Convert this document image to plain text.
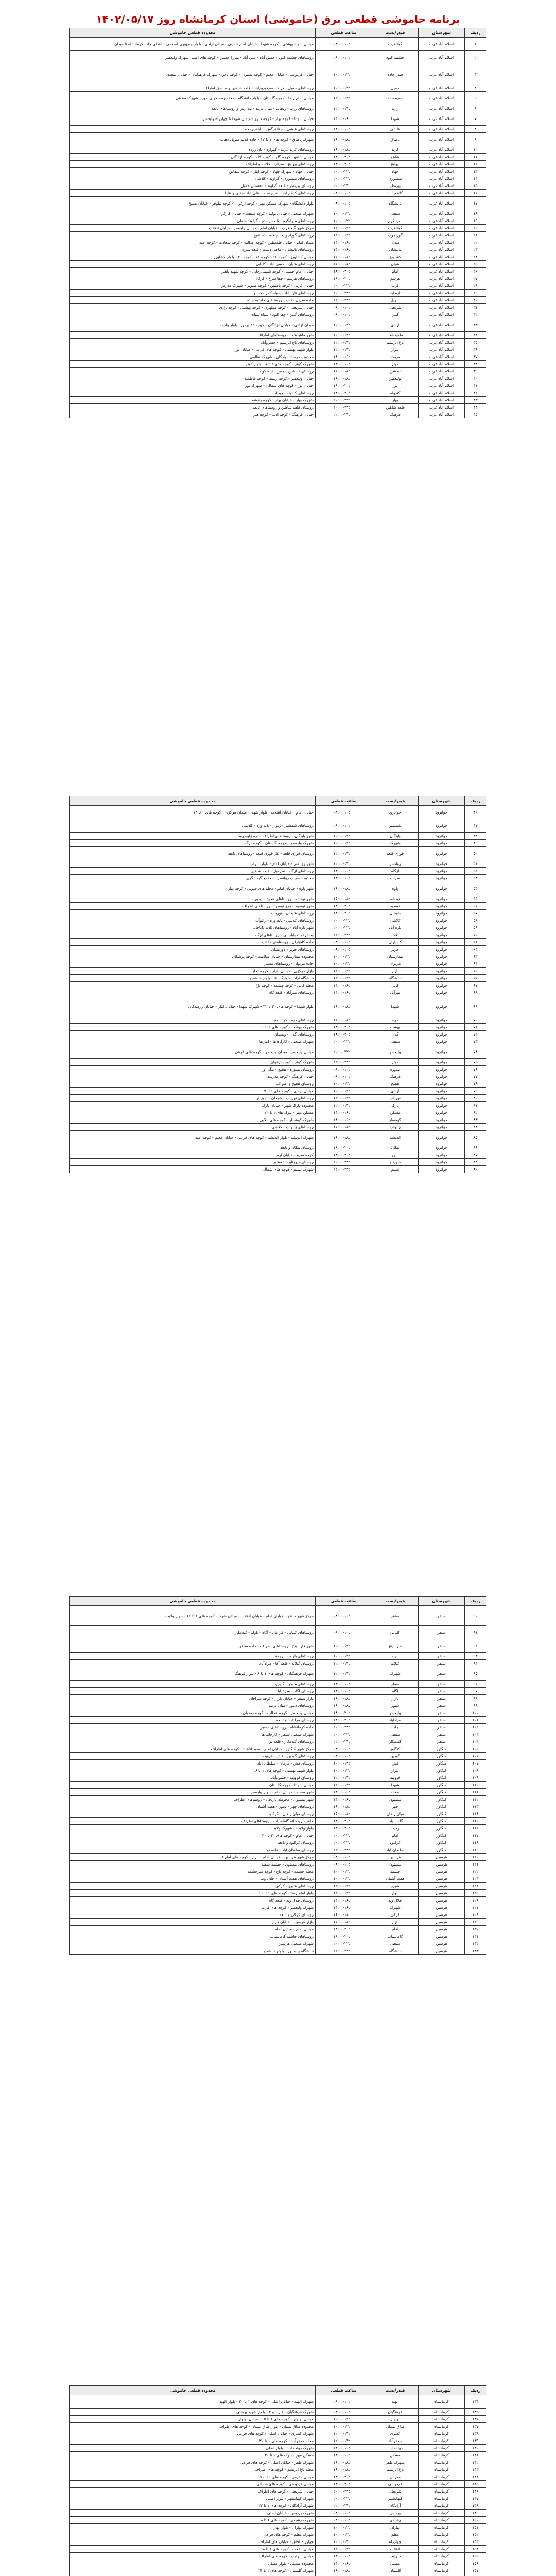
برنامه خاموشی قطعی برق (خاموشی) استان کرمانشاه روز ۱۴۰۲/۰۵/۱۷
ردیف	شهرستان	فیدر/پست	ساعت قطعی	محدوده قطعی خاموشی
۱	اسلام آباد غرب	گیلانغرب	۰۸:۰۰-۱۰:۰۰	خیابان شهید بهشتی - کوچه شهدا - خیابان امام خمینی - میدان آزادی - بلوار جمهوری اسلامی - ابتدای جاده کرمانشاه تا میدان
۲	اسلام آباد غرب	چشمه کبود	۰۸:۰۰-۱۰:۰۰	روستاهای چشمه کبود - حسن آباد - علی آباد - میرزا حسین - کوچه های اصلی شهرک ولیعصر
۳	اسلام آباد غرب	فیدر جاده	۱۰:۰۰-۱۲:۰۰	خیابان فردوسی - خیابان معلم - کوچه نسترن - کوچه یاس - شهرک فرهنگیان - خیابان سعدی
۴	اسلام آباد غرب	حمیل	۱۰:۰۰-۱۲:۰۰	روستاهای حمیل - کرند - سرفیروزآباد - قلعه شاهین و مناطق اطراف
۵	اسلام آباد غرب	سرمست	۱۲:۰۰-۱۴:۰۰	خیابان امام رضا - کوچه گلستان - بلوار دانشگاه - مجتمع مسکونی مهر - شهرک صنعتی
۶	اسلام آباد غرب	زرنه	۱۲:۰۰-۱۴:۰۰	روستاهای زرنه - ریجاب - میان دربند - تپه رش و روستاهای تابعه
۷	اسلام آباد غرب	شهدا	۱۴:۰۰-۱۶:۰۰	خیابان شهدا - کوچه بهار - کوچه سرو - میدان شهدا تا چهارراه ولیعصر
۸	اسلام آباد غرب	هلشی	۱۴:۰۰-۱۶:۰۰	روستاهای هلشی - چقا نرگس - باباشیرمحمد
۹	اسلام آباد غرب	پاطاق	۱۶:۰۰-۱۸:۰۰	شهرک پاطاق - کوچه های ۱ تا ۱۲ - جاده قدیم سرپل ذهاب
۱۰	اسلام آباد غرب	کرند	۱۶:۰۰-۱۸:۰۰	روستاهای کرند غرب - گهواره - بان زرده
۱۱	اسلام آباد غرب	شاهو	۱۸:۰۰-۲۰:۰۰	خیابان شاهو - کوچه گلها - کوچه لاله - کوچه آزادگان
۱۲	اسلام آباد غرب	بیونیج	۱۸:۰۰-۲۰:۰۰	روستاهای بیونیج - سراب - قلاجه و اطراف
۱۳	اسلام آباد غرب	جهاد	۲۰:۰۰-۲۲:۰۰	خیابان جهاد - شهرک جهاد - کوچه ایثار - کوچه شقایق
۱۴	اسلام آباد غرب	منصوری	۲۰:۰۰-۲۲:۰۰	روستاهای منصوری - گراوند - کلاشی
۱۵	اسلام آباد غرب	پیرنظر	۲۲:۰۰-۲۴:۰۰	روستای پیرنظر - قلعه گراوند - دهستان حمیل
۱۶	اسلام آباد غرب	کاظم آباد	۰۸:۰۰-۱۰:۰۰	روستاهای کاظم آباد - شیخ صله - علی آباد سفلی و علیا
۱۷	اسلام آباد غرب	دانشگاه	۰۸:۰۰-۱۰:۰۰	بلوار دانشگاه - شهرک مسکن مهر - کوچه ارغوان - کوچه نیلوفر - خیابان بسیج
۱۸	اسلام آباد غرب	صنعتی	۱۰:۰۰-۱۲:۰۰	شهرک صنعتی - خیابان تولید - کوچه صنعت - خیابان کارگر
۱۹	اسلام آباد غرب	سرابگرم	۱۰:۰۰-۱۲:۰۰	روستاهای سرابگرم - قلعه رستم - گراوند سفلی
۲۰	اسلام آباد غرب	گیلانغرب	۱۲:۰۰-۱۴:۰۰	مرکز شهر گیلانغرب - خیابان امام - خیابان ولیعصر - خیابان انقلاب
۲۱	اسلام آباد غرب	گوراجوب	۱۲:۰۰-۱۴:۰۰	روستاهای گوراجوب - چالابه - ده شیخ
۲۲	اسلام آباد غرب	میدان	۱۴:۰۰-۱۶:۰۰	میدان امام - خیابان فلسطین - کوچه عدالت - کوچه سعادت - کوچه امید
۲۳	اسلام آباد غرب	بانیشان	۱۴:۰۰-۱۶:۰۰	روستاهای بانیشان - ماهی دشت - قلعه سرخ
۲۴	اسلام آباد غرب	کشاورز	۱۶:۰۰-۱۸:۰۰	خیابان کشاورز - کوچه ۱۶ - کوچه ۱۸ - کوچه ۲۰ - بلوار کشاورز
۲۵	اسلام آباد غرب	شیان	۱۶:۰۰-۱۸:۰۰	روستاهای شیان - حسن آباد - کلیایی
۲۶	اسلام آباد غرب	امام	۱۸:۰۰-۲۰:۰۰	خیابان امام خمینی - کوچه شهید رجایی - کوچه شهید باهنر
۲۷	اسلام آباد غرب	هرسم	۱۸:۰۰-۲۰:۰۰	روستاهای هرسم - چقا سرخ - کرکان
۲۸	اسلام آباد غرب	غرب	۲۰:۰۰-۲۲:۰۰	خیابان غربی - کوچه یاسمن - کوچه صنوبر - شهرک مدرس
۲۹	اسلام آباد غرب	تازه آباد	۲۰:۰۰-۲۲:۰۰	روستاهای تازه آباد - سیاه کمر - ده نو
۳۰	اسلام آباد غرب	سرپل	۲۲:۰۰-۲۴:۰۰	جاده سرپل ذهاب - روستاهای حاشیه جاده
۳۱	اسلام آباد غرب	شریعتی	۰۸:۰۰-۱۰:۰۰	خیابان شریعتی - کوچه مطهری - کوچه بهشتی - کوچه رازی
۳۲	اسلام آباد غرب	گلین	۰۸:۰۰-۱۰:۰۰	روستاهای گلین - چقا کبود - سیاه سیاه
۳۳	اسلام آباد غرب	آزادی	۱۰:۰۰-۱۲:۰۰	میدان آزادی - خیابان آزادگان - کوچه ۲۲ بهمن - بلوار ولایت
۳۴	اسلام آباد غرب	ماهیدشت	۱۰:۰۰-۱۲:۰۰	شهر ماهیدشت - روستاهای اطراف
۳۵	اسلام آباد غرب	باغ ابریشم	۱۲:۰۰-۱۴:۰۰	روستاهای باغ ابریشم - خسروآباد
۳۶	اسلام آباد غرب	بلوار	۱۲:۰۰-۱۴:۰۰	بلوار شهید بهشتی - کوچه های فرعی - خیابان نور
۳۷	اسلام آباد غرب	مرصاد	۱۴:۰۰-۱۶:۰۰	محدوده مرصاد - پادگان - شهرک نظامی
۳۸	اسلام آباد غرب	کوثر	۱۴:۰۰-۱۶:۰۰	شهرک کوثر - کوچه های ۱ تا ۸ - بلوار کوثر
۳۹	اسلام آباد غرب	ده شیخ	۱۶:۰۰-۱۸:۰۰	روستای ده شیخ - چمن - تیله کوه
۴۰	اسلام آباد غرب	ولیعصر	۱۶:۰۰-۱۸:۰۰	خیابان ولیعصر - کوچه زینبیه - کوچه فاطمیه
۴۱	اسلام آباد غرب	نور	۱۸:۰۰-۲۰:۰۰	خیابان نور - کوچه های شمالی - شهرک نور
۴۲	اسلام آباد غرب	کندوله	۱۸:۰۰-۲۰:۰۰	روستاهای کندوله - ریجاب
۴۳	اسلام آباد غرب	بهار	۲۰:۰۰-۲۲:۰۰	شهرک بهار - خیابان بهار - کوچه بنفشه
۴۴	اسلام آباد غرب	قلعه شاهین	۲۰:۰۰-۲۲:۰۰	روستای قلعه شاهین و روستاهای تابعه
۴۵	اسلام آباد غرب	فرهنگ	۲۲:۰۰-۲۴:۰۰	خیابان فرهنگ - کوچه ادب - کوچه هنر
ردیف	شهرستان	فیدر/پست	ساعت قطعی	محدوده قطعی خاموشی
۴۶	جوانرود	جوانرود	۰۸:۰۰-۱۰:۰۰	خیابان امام - خیابان انقلاب - بلوار شهدا - میدان مرکزی - کوچه های ۱ تا ۱۴
۴۷	جوانرود	شمشیر	۰۸:۰۰-۱۰:۰۰	روستاهای شمشیر - ژیوار - بانه وره - کلاشی
۴۸	جوانرود	باینگان	۱۰:۰۰-۱۲:۰۰	شهر باینگان - روستاهای اطراف - دره ژاوه رود
۴۹	جوانرود	شهرک	۱۰:۰۰-۱۲:۰۰	شهرک ولیعصر - کوچه گلستان - کوچه نرگس
۵۰	جوانرود	قوری قلعه	۱۲:۰۰-۱۴:۰۰	روستای قوری قلعه - غار قوری قلعه - روستاهای تابعه
۵۱	جوانرود	روانسر	۱۲:۰۰-۱۴:۰۰	شهر روانسر - خیابان امام - بلوار سراب
۵۲	جوانرود	ازگله	۱۴:۰۰-۱۶:۰۰	روستاهای ازگله - سرمیل - قلعه شاهین
۵۳	جوانرود	سراب	۱۴:۰۰-۱۶:۰۰	محدوده سراب روانسر - مجتمع گردشگری
۵۴	جوانرود	پاوه	۱۶:۰۰-۱۸:۰۰	شهر پاوه - خیابان امام - محله های جنوبی - کوچه بهار
۵۵	جوانرود	نودشه	۱۶:۰۰-۱۸:۰۰	شهر نودشه - روستاهای هجیج - بیدوره
۵۶	جوانرود	نوسود	۱۸:۰۰-۲۰:۰۰	شهر نوسود - مرز نوسود - روستاهای اطراف
۵۷	جوانرود	شیخان	۱۸:۰۰-۲۰:۰۰	روستاهای شیخان - نوریاب
۵۸	جوانرود	کلاشی	۲۰:۰۰-۲۲:۰۰	روستاهای کلاشی - بانه وره - زالوآب
۵۹	جوانرود	تازه آباد	۲۰:۰۰-۲۲:۰۰	شهر تازه آباد - روستاهای ثلاث باباجانی
۶۰	جوانرود	ثلاث	۲۲:۰۰-۲۴:۰۰	بخش ثلاث باباجانی - روستاهای ازگله
۶۱	جوانرود	کامیاران	۰۸:۰۰-۱۰:۰۰	جاده کامیاران - روستاهای حاشیه
۶۲	جوانرود	حریر	۰۸:۰۰-۱۰:۰۰	روستاهای حریر - دوریسان
۶۳	جوانرود	بیمارستان	۱۰:۰۰-۱۲:۰۰	محدوده بیمارستان - خیابان سلامت - کوچه پزشکان
۶۴	جوانرود	مریوان	۱۰:۰۰-۱۲:۰۰	جاده مریوان - روستاهای مسیر
۶۵	جوانرود	بازار	۱۲:۰۰-۱۴:۰۰	بازار مرکزی - خیابان بازار - کوچه تجار
۶۶	جوانرود	دانشگاه	۱۲:۰۰-۱۴:۰۰	دانشگاه آزاد - خوابگاه ها - بلوار دانشجو
۶۷	جوانرود	کانی	۱۴:۰۰-۱۶:۰۰	محله کانی - کوچه چشمه - کوچه باغ
۶۸	جوانرود	میرآباد	۱۴:۰۰-۱۶:۰۰	روستاهای میرآباد - قلعه گاه
۶۹	جوانرود	شهدا	۱۶:۰۰-۱۸:۰۰	بلوار شهدا - کوچه های ۲۰ تا ۳۲ - شهرک شهدا - خیابان ایثار - خیابان رزمندگان
۷۰	جوانرود	دره	۱۶:۰۰-۱۸:۰۰	روستاهای دره - کوه سفید
۷۱	جوانرود	بهشت	۱۸:۰۰-۲۰:۰۰	شهرک بهشت - کوچه های ۱ تا ۶
۷۲	جوانرود	گلان	۱۸:۰۰-۲۰:۰۰	روستاهای گلان - ویسیان
۷۳	جوانرود	صنعتی	۲۰:۰۰-۲۲:۰۰	شهرک صنعتی - کارگاه ها - انبارها
۷۴	جوانرود	ولیعصر	۲۰:۰۰-۲۲:۰۰	خیابان ولیعصر - میدان ولیعصر - کوچه های فرعی
۷۵	جوانرود	کوثر	۲۲:۰۰-۲۴:۰۰	شهرک کوثر - کوچه ارغوان
۷۶	جوانرود	بیدوره	۰۸:۰۰-۱۰:۰۰	روستای بیدوره - هجیج - تنگی ور
۷۷	جوانرود	فرهنگ	۰۸:۰۰-۱۰:۰۰	خیابان فرهنگ - کوچه مدرسه
۷۸	جوانرود	هجیج	۱۰:۰۰-۱۲:۰۰	روستای هجیج و اطراف
۷۹	جوانرود	آزادی	۱۰:۰۰-۱۲:۰۰	خیابان آزادی - کوچه های ۱ تا ۹
۸۰	جوانرود	نوریاب	۱۲:۰۰-۱۴:۰۰	روستاهای نوریاب - شیخان - دیوزناو
۸۱	جوانرود	پارک	۱۲:۰۰-۱۴:۰۰	محدوده پارک شهر - خیابان پارک
۸۲	جوانرود	مسکن	۱۴:۰۰-۱۶:۰۰	مسکن مهر - بلوک های ۱ تا ۲۰
۸۳	جوانرود	کوهسار	۱۴:۰۰-۱۶:۰۰	شهرک کوهسار - کوچه های بالایی
۸۴	جوانرود	زالوآب	۱۶:۰۰-۱۸:۰۰	روستاهای زالوآب - کلاشی
۸۵	جوانرود	اندیشه	۱۶:۰۰-۱۸:۰۰	شهرک اندیشه - بلوار اندیشه - کوچه های فرعی - خیابان معلم - کوچه امید
۸۶	جوانرود	نیکان	۱۸:۰۰-۲۰:۰۰	روستای نیکان و تابعه
۸۷	جوانرود	سرو	۱۸:۰۰-۲۰:۰۰	کوچه سرو - خیابان ارم
۸۸	جوانرود	دیوزناو	۲۰:۰۰-۲۲:۰۰	روستای دیوزناو - شمشیر
۸۹	جوانرود	نسیم	۲۲:۰۰-۲۴:۰۰	شهرک نسیم - کوچه های شمالی
ردیف	شهرستان	فیدر/پست	ساعت قطعی	محدوده قطعی خاموشی
۹۰	سنقر	سنقر	۰۸:۰۰-۱۰:۰۰	مرکز شهر سنقر - خیابان امام - خیابان انقلاب - میدان شهدا - کوچه های ۱ تا ۱۲ - بلوار ولایت
۹۱	سنقر	کلیایی	۰۸:۰۰-۱۰:۰۰	روستاهای کلیایی - فرامان - آگاه - باوله - گندمکار
۹۲	سنقر	فارسینج	۱۰:۰۰-۱۲:۰۰	شهر فارسینج - روستاهای اطراف - جاده سنقر
۹۳	سنقر	باوله	۱۰:۰۰-۱۲:۰۰	روستاهای باوله - آبرومند
۹۴	سنقر	گیلانه	۱۲:۰۰-۱۴:۰۰	روستای گیلانه - قلعه آقا - مرادآباد
۹۵	سنقر	شهرک	۱۲:۰۰-۱۴:۰۰	شهرک فرهنگیان - کوچه های ۱ تا ۸ - بلوار فرهنگ
۹۶	سنقر	سطر	۱۴:۰۰-۱۶:۰۰	روستاهای سطر - گاورود
۹۷	سنقر	آگاه	۱۴:۰۰-۱۶:۰۰	روستای آگاه - سرخ آباد
۹۸	سنقر	بازار	۱۶:۰۰-۱۸:۰۰	بازار سنقر - خیابان بازار - کوچه صرافان
۹۹	سنقر	دینور	۱۶:۰۰-۱۸:۰۰	روستاهای دینور - میان دربند
۱۰۰	سنقر	ولیعصر	۱۸:۰۰-۲۰:۰۰	خیابان ولیعصر - کوچه عدالت - کوچه رضوان
۱۰۱	سنقر	مرادآباد	۱۸:۰۰-۲۰:۰۰	روستای مرادآباد و تابعه
۱۰۲	سنقر	جاده	۲۰:۰۰-۲۲:۰۰	جاده کرمانشاه - روستاهای مسیر
۱۰۳	سنقر	صنعتی	۲۰:۰۰-۲۲:۰۰	شهرک صنعتی سنقر - کارخانه ها
۱۰۴	سنقر	گندمکار	۲۲:۰۰-۲۴:۰۰	روستاهای گندمکار - قلعه نو
۱۰۵	کنگاور	کنگاور	۰۸:۰۰-۱۰:۰۰	مرکز شهر کنگاور - خیابان امام - معبد آناهیتا - کوچه های اطراف
۱۰۶	کنگاور	گودین	۰۸:۰۰-۱۰:۰۰	روستاهای گودین - فش - قزوینه
۱۰۷	کنگاور	فش	۱۰:۰۰-۱۲:۰۰	روستای فش - کرمان - سلطان آباد
۱۰۸	کنگاور	بلوار	۱۰:۰۰-۱۲:۰۰	بلوار شهید بهشتی - کوچه های ۱ تا ۱۶
۱۰۹	کنگاور	قزوینه	۱۲:۰۰-۱۴:۰۰	روستای قزوینه - خسروآباد
۱۱۰	کنگاور	شهدا	۱۲:۰۰-۱۴:۰۰	خیابان شهدا - کوچه گلستان
۱۱۱	کنگاور	صحنه	۱۴:۰۰-۱۶:۰۰	شهر صحنه - خیابان امام - بلوار ولیعصر
۱۱۲	کنگاور	بیستون	۱۴:۰۰-۱۶:۰۰	شهر بیستون - محوطه تاریخی - روستاهای اطراف
۱۱۳	کنگاور	چهر	۱۶:۰۰-۱۸:۰۰	روستاهای چهر - دینور - هفت آشیان
۱۱۴	کنگاور	میان راهان	۱۶:۰۰-۱۸:۰۰	روستای میان راهان - کرکبود
۱۱۵	کنگاور	گاماسیاب	۱۸:۰۰-۲۰:۰۰	حاشیه رودخانه گاماسیاب - روستاهای اطراف
۱۱۶	کنگاور	ولایت	۱۸:۰۰-۲۰:۰۰	بلوار ولایت - شهرک ولایت
۱۱۷	کنگاور	امام	۲۰:۰۰-۲۲:۰۰	خیابان امام - کوچه های ۲۰ تا ۳۰
۱۱۸	کنگاور	کرکبود	۲۰:۰۰-۲۲:۰۰	روستای کرکبود و تابعه
۱۱۹	کنگاور	سلطان آباد	۲۲:۰۰-۲۴:۰۰	روستای سلطان آباد - قلعه نو
۱۲۰	هرسین	هرسین	۰۸:۰۰-۱۰:۰۰	مرکز شهر هرسین - خیابان امام - بازار - کوچه های اطراف
۱۲۱	هرسین	بیستون	۰۸:۰۰-۱۰:۰۰	روستاهای بیستون - چشمه سفید
۱۲۲	هرسین	چشمه	۱۰:۰۰-۱۲:۰۰	محله چشمه - کوچه باغ - کوچه سرچشمه
۱۲۳	هرسین	هفت آشیان	۱۰:۰۰-۱۲:۰۰	روستاهای هفت آشیان - جلال وند
۱۲۴	هرسین	شیرز	۱۲:۰۰-۱۴:۰۰	روستاهای شیرز - کرکی
۱۲۵	هرسین	بلوار	۱۲:۰۰-۱۴:۰۰	بلوار امام رضا - کوچه های ۱ تا ۱۰
۱۲۶	هرسین	جلال وند	۱۴:۰۰-۱۶:۰۰	روستای جلال وند - قلعه گاه
۱۲۷	هرسین	شهرک	۱۴:۰۰-۱۶:۰۰	شهرک ولیعصر - کوچه های فرعی
۱۲۸	هرسین	کرکی	۱۶:۰۰-۱۸:۰۰	روستای کرکی و تابعه
۱۲۹	هرسین	بازار	۱۶:۰۰-۱۸:۰۰	بازار هرسین - خیابان بازار
۱۳۰	هرسین	امام	۱۸:۰۰-۲۰:۰۰	خیابان امام - میدان امام
۱۳۱	هرسین	گاماسیاب	۱۸:۰۰-۲۰:۰۰	روستاهای حاشیه گاماسیاب
۱۳۲	هرسین	صنعتی	۲۰:۰۰-۲۲:۰۰	شهرک صنعتی هرسین
۱۳۳	هرسین	دانشگاه	۲۲:۰۰-۲۴:۰۰	دانشگاه پیام نور - بلوار دانشجو
ردیف	شهرستان	فیدر/پست	ساعت قطعی	محدوده قطعی خاموشی
۱۳۴	کرمانشاه	الهیه	۰۸:۰۰-۱۰:۰۰	شهرک الهیه - خیابان اصلی - کوچه های ۱ تا ۲۰ - بلوار الهیه
۱۳۵	کرمانشاه	فرهنگیان	۰۸:۰۰-۱۰:۰۰	شهرک فرهنگیان - فاز ۱ و ۲ - بلوار شهید بهشتی
۱۳۶	کرمانشاه	نوبهار	۱۰:۰۰-۱۲:۰۰	خیابان نوبهار - کوچه های ۱ تا ۱۵ - میدان نوبهار
۱۳۷	کرمانشاه	طاق بستان	۱۰:۰۰-۱۲:۰۰	محدوده طاق بستان - بلوار طاق بستان - کوچه های اطراف
۱۳۸	کرمانشاه	کسری	۱۲:۰۰-۱۴:۰۰	شهرک کسری - خیابان اصلی - کوچه های فرعی
۱۳۹	کرمانشاه	جعفرآباد	۱۲:۰۰-۱۴:۰۰	محله جعفرآباد - کوچه های ۱ تا ۳۰
۱۴۰	کرمانشاه	دولت آباد	۱۴:۰۰-۱۶:۰۰	شهرک دولت آباد - بلوار اصلی
۱۴۱	کرمانشاه	مسکن	۱۴:۰۰-۱۶:۰۰	مسکن مهر - بلوک های ۱ تا ۳۰
۱۴۲	کرمانشاه	شهرک ظفر	۱۶:۰۰-۱۸:۰۰	شهرک ظفر - خیابان اصلی - کوچه های فرعی
۱۴۳	کرمانشاه	باغ ابریشم	۱۶:۰۰-۱۸:۰۰	محله باغ ابریشم - کوچه های اطراف
۱۴۴	کرمانشاه	مدرس	۱۸:۰۰-۲۰:۰۰	خیابان مدرس - کوچه های ۱ تا ۱۰
۱۴۵	کرمانشاه	فردوسی	۱۸:۰۰-۲۰:۰۰	خیابان فردوسی - کوچه های شمالی
۱۴۶	کرمانشاه	شریعتی	۲۰:۰۰-۲۲:۰۰	خیابان شریعتی - کوچه های اطراف
۱۴۷	کرمانشاه	کیهانشهر	۲۰:۰۰-۲۲:۰۰	شهرک کیهانشهر - بلوار اصلی
۱۴۸	کرمانشاه	آزادگان	۲۲:۰۰-۲۴:۰۰	شهرک آزادگان - کوچه های ۱ تا ۱۲
۱۴۹	کرمانشاه	پردیس	۰۸:۰۰-۱۰:۰۰	شهرک پردیس - خیابان اصلی
۱۵۰	کرمانشاه	رشیدی	۰۸:۰۰-۱۰:۰۰	شهرک رشیدی - کوچه های ۱ تا ۸
۱۵۱	کرمانشاه	بهاران	۱۰:۰۰-۱۲:۰۰	شهرک بهاران - بلوار بهاران
۱۵۲	کرمانشاه	معلم	۱۰:۰۰-۱۲:۰۰	شهرک معلم - کوچه های فرعی
۱۵۳	کرمانشاه	چهارراه	۱۲:۰۰-۱۴:۰۰	چهارراه اجاق - خیابان های اطراف
۱۵۴	کرمانشاه	انقلاب	۱۲:۰۰-۱۴:۰۰	خیابان انقلاب - کوچه های ۱ تا ۱۸
۱۵۵	کرمانشاه	سرتیپ	۱۴:۰۰-۱۶:۰۰	خیابان سرتیپ - کوچه های اطراف
۱۵۶	کرمانشاه	مصلی	۱۴:۰۰-۱۶:۰۰	محدوده مصلی - بلوار مصلی
۱۵۷	کرمانشاه	گلستان	۱۶:۰۰-۱۸:۰۰	شهرک گلستان - کوچه های ۱ تا ۱۴
